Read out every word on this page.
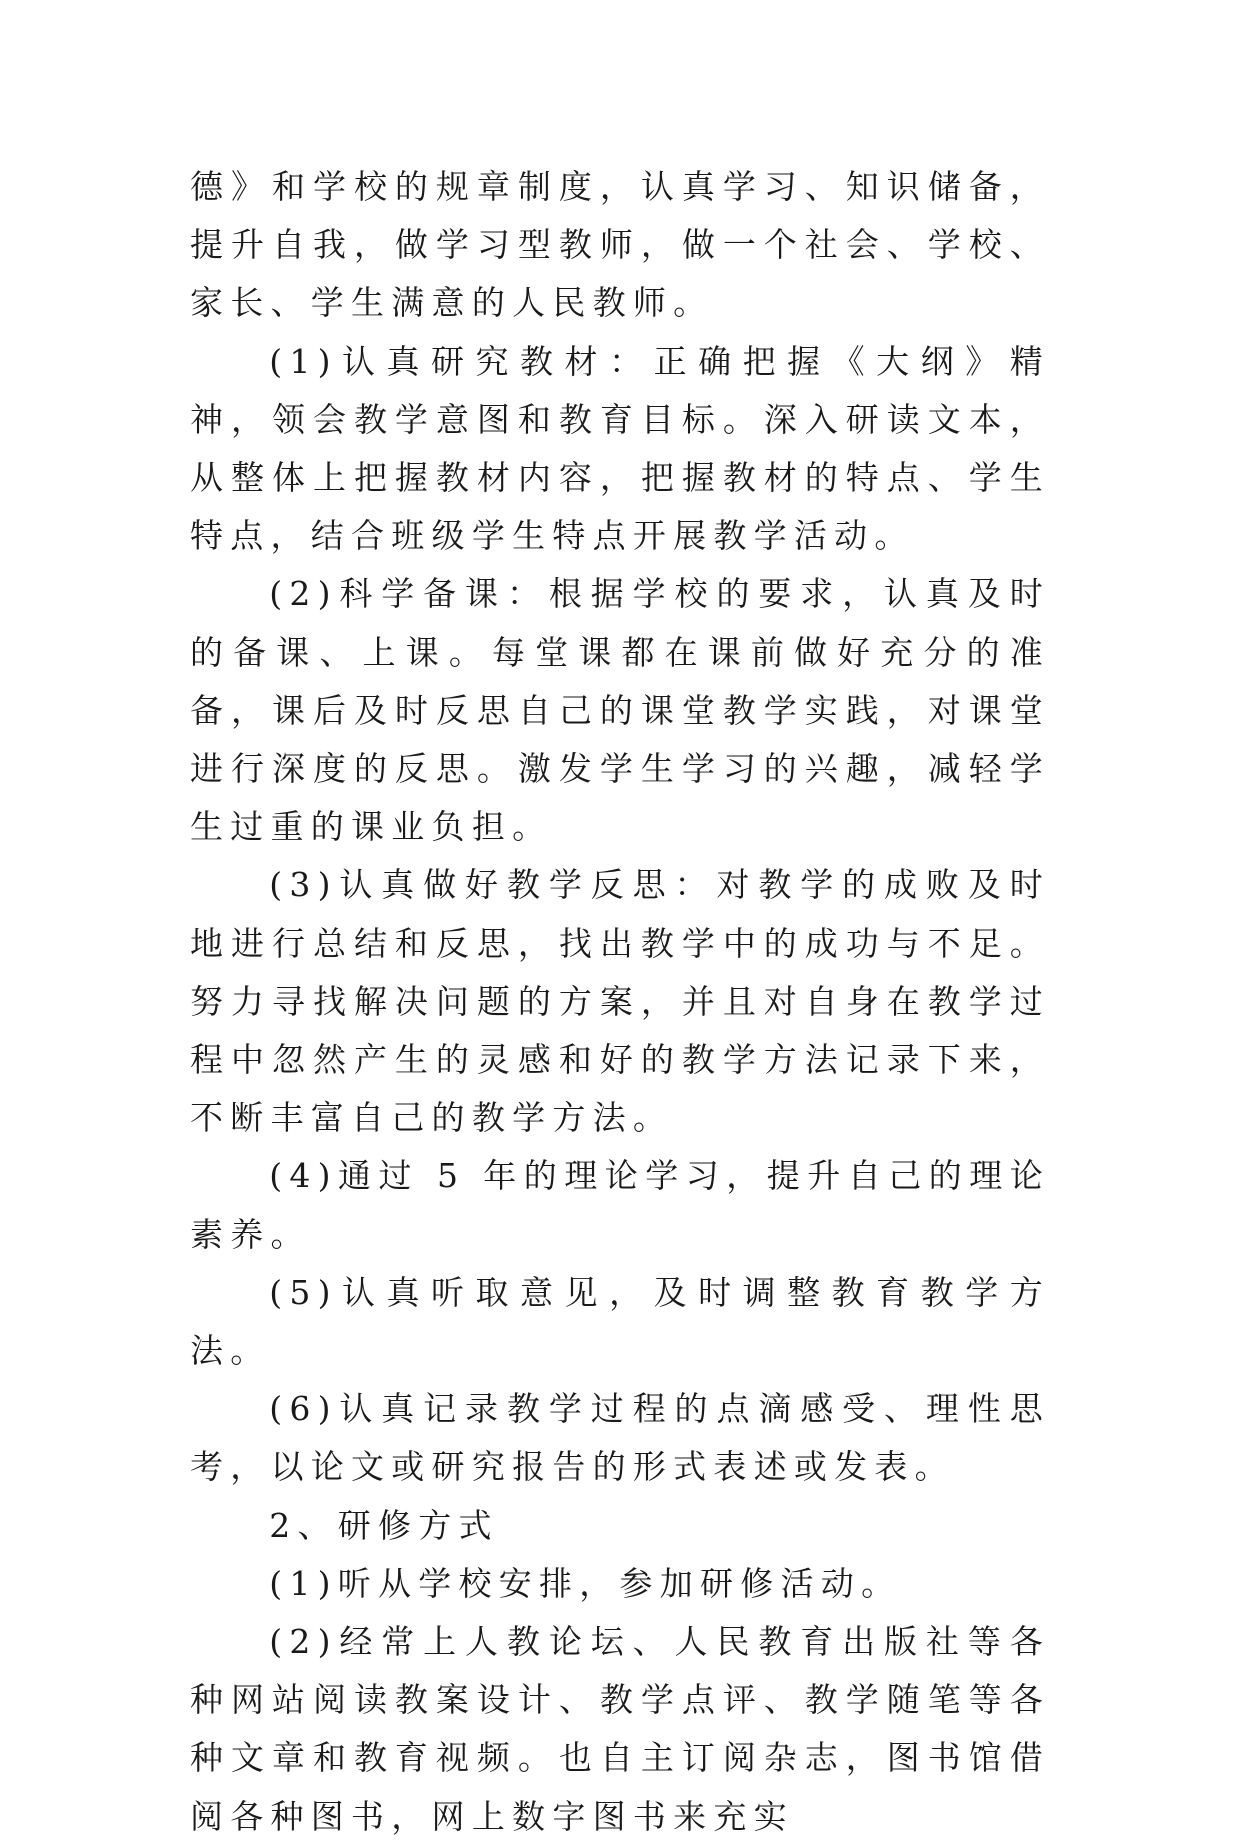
德》和学校的规章制度，认真学习、知识储备，提升自我，做学习型教师，做一个社会、学校、家长、学生满意的人民教师。

(1)认真研究教材：正确把握《大纲》精神，领会教学意图和教育目标。深入研读文本，从整体上把握教材内容，把握教材的特点、学生特点，结合班级学生特点开展教学活动。

(2)科学备课：根据学校的要求，认真及时的备课、上课。每堂课都在课前做好充分的准备，课后及时反思自己的课堂教学实践，对课堂进行深度的反思。激发学生学习的兴趣，减轻学生过重的课业负担。

(3)认真做好教学反思：对教学的成败及时地进行总结和反思，找出教学中的成功与不足。努力寻找解决问题的方案，并且对自身在教学过程中忽然产生的灵感和好的教学方法记录下来，不断丰富自己的教学方法。

(4)通过 5 年的理论学习，提升自己的理论素养。

(5)认真听取意见，及时调整教育教学方法。

(6)认真记录教学过程的点滴感受、理性思考，以论文或研究报告的形式表述或发表。

2、研修方式

(1)听从学校安排，参加研修活动。

(2)经常上人教论坛、人民教育出版社等各种网站阅读教案设计、教学点评、教学随笔等各种文章和教育视频。也自主订阅杂志，图书馆借阅各种图书，网上数字图书来充实
